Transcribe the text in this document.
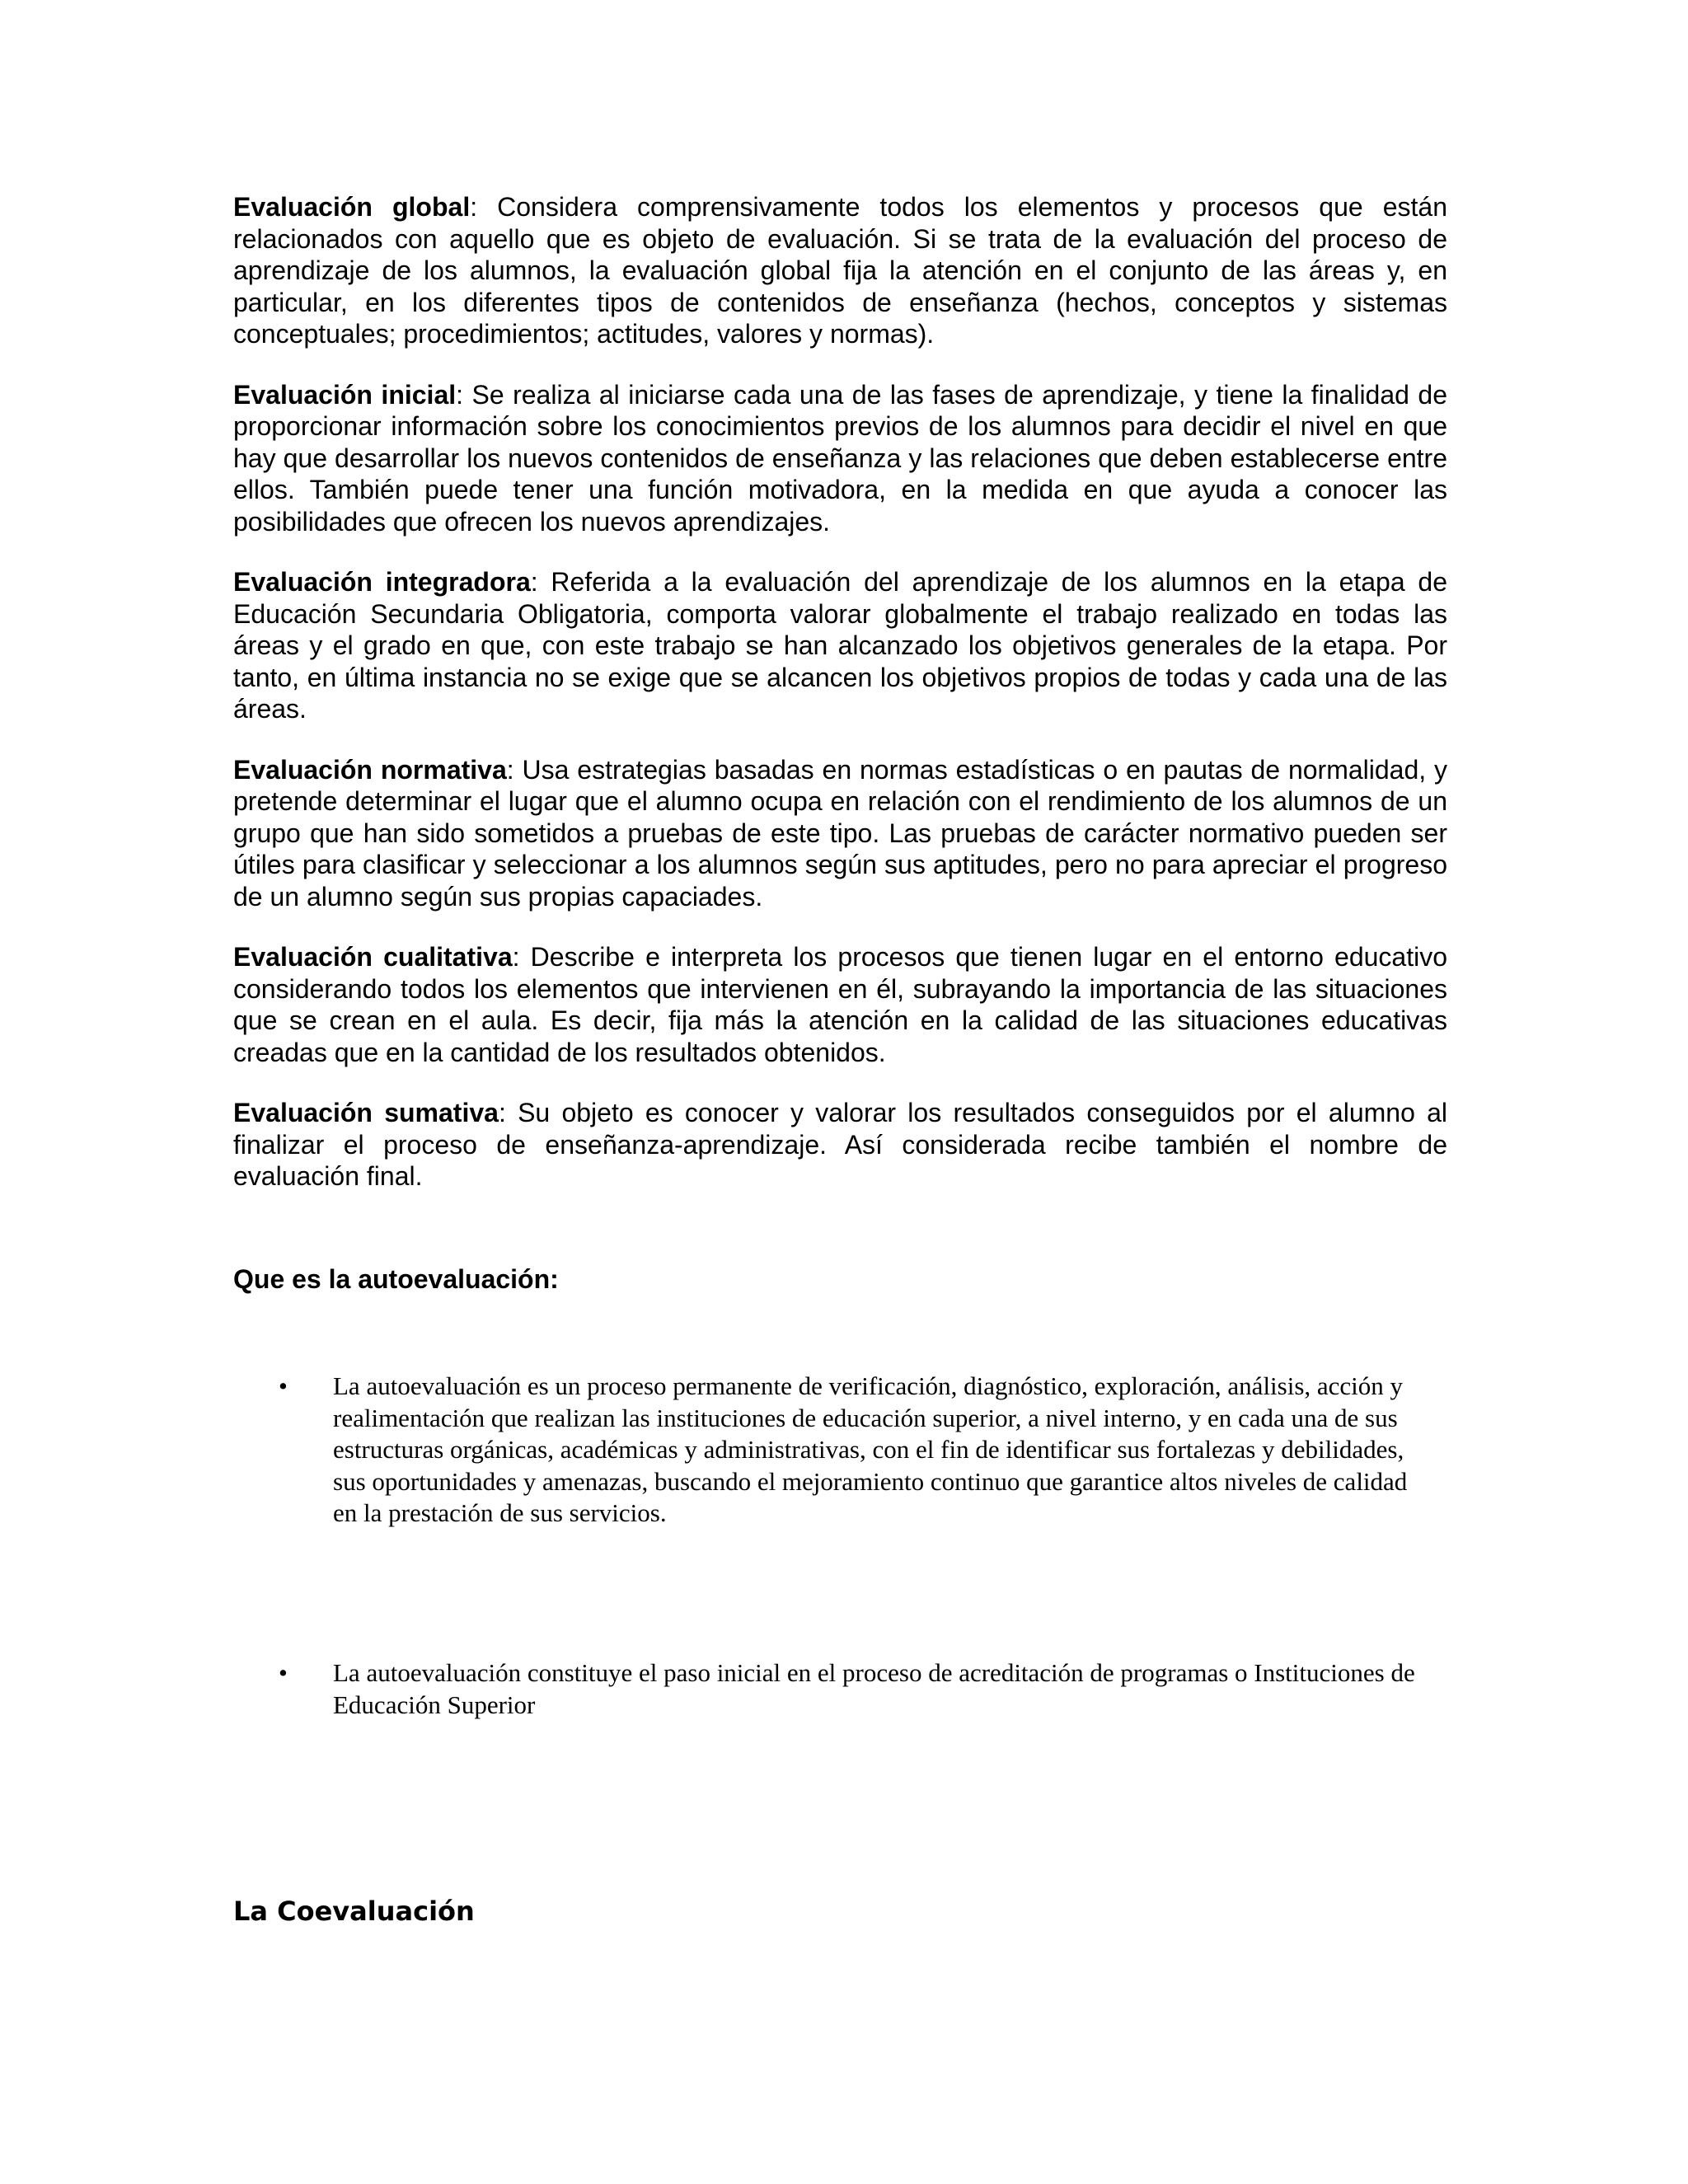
Evaluación global: Considera comprensivamente todos los elementos y procesos que están relacionados con aquello que es objeto de evaluación. Si se trata de la evaluación del proceso de aprendizaje de los alumnos, la evaluación global fija la atención en el conjunto de las áreas y, en particular, en los diferentes tipos de contenidos de enseñanza (hechos, conceptos y sistemas conceptuales; procedimientos; actitudes, valores y normas).

Evaluación inicial: Se realiza al iniciarse cada una de las fases de aprendizaje, y tiene la finalidad de proporcionar información sobre los conocimientos previos de los alumnos para decidir el nivel en que hay que desarrollar los nuevos contenidos de enseñanza y las relaciones que deben establecerse entre ellos. También puede tener una función motivadora, en la medida en que ayuda a conocer las posibilidades que ofrecen los nuevos aprendizajes.

Evaluación integradora: Referida a la evaluación del aprendizaje de los alumnos en la etapa de Educación Secundaria Obligatoria, comporta valorar globalmente el trabajo realizado en todas las áreas y el grado en que, con este trabajo se han alcanzado los objetivos generales de la etapa. Por tanto, en última instancia no se exige que se alcancen los objetivos propios de todas y cada una de las áreas.

Evaluación normativa: Usa estrategias basadas en normas estadísticas o en pautas de normalidad, y pretende determinar el lugar que el alumno ocupa en relación con el rendimiento de los alumnos de un grupo que han sido sometidos a pruebas de este tipo. Las pruebas de carácter normativo pueden ser útiles para clasificar y seleccionar a los alumnos según sus aptitudes, pero no para apreciar el progreso de un alumno según sus propias capaciades.

Evaluación cualitativa: Describe e interpreta los procesos que tienen lugar en el entorno educativo considerando todos los elementos que intervienen en él, subrayando la importancia de las situaciones que se crean en el aula. Es decir, fija más la atención en la calidad de las situaciones educativas creadas que en la cantidad de los resultados obtenidos.

Evaluación sumativa: Su objeto es conocer y valorar los resultados conseguidos por el alumno al finalizar el proceso de enseñanza-aprendizaje. Así considerada recibe también el nombre de evaluación final.

Que es la autoevaluación:
•	La autoevaluación es un proceso permanente de verificación, diagnóstico, exploración, análisis, acción y realimentación que realizan las instituciones de educación superior, a nivel interno, y en cada una de sus estructuras orgánicas, académicas y administrativas, con el fin de identificar sus fortalezas y debilidades, sus oportunidades y amenazas, buscando el mejoramiento continuo que garantice altos niveles de calidad en la prestación de sus servicios.
•	La autoevaluación constituye el paso inicial en el proceso de acreditación de programas o Instituciones de Educación Superior
La Coevaluación
